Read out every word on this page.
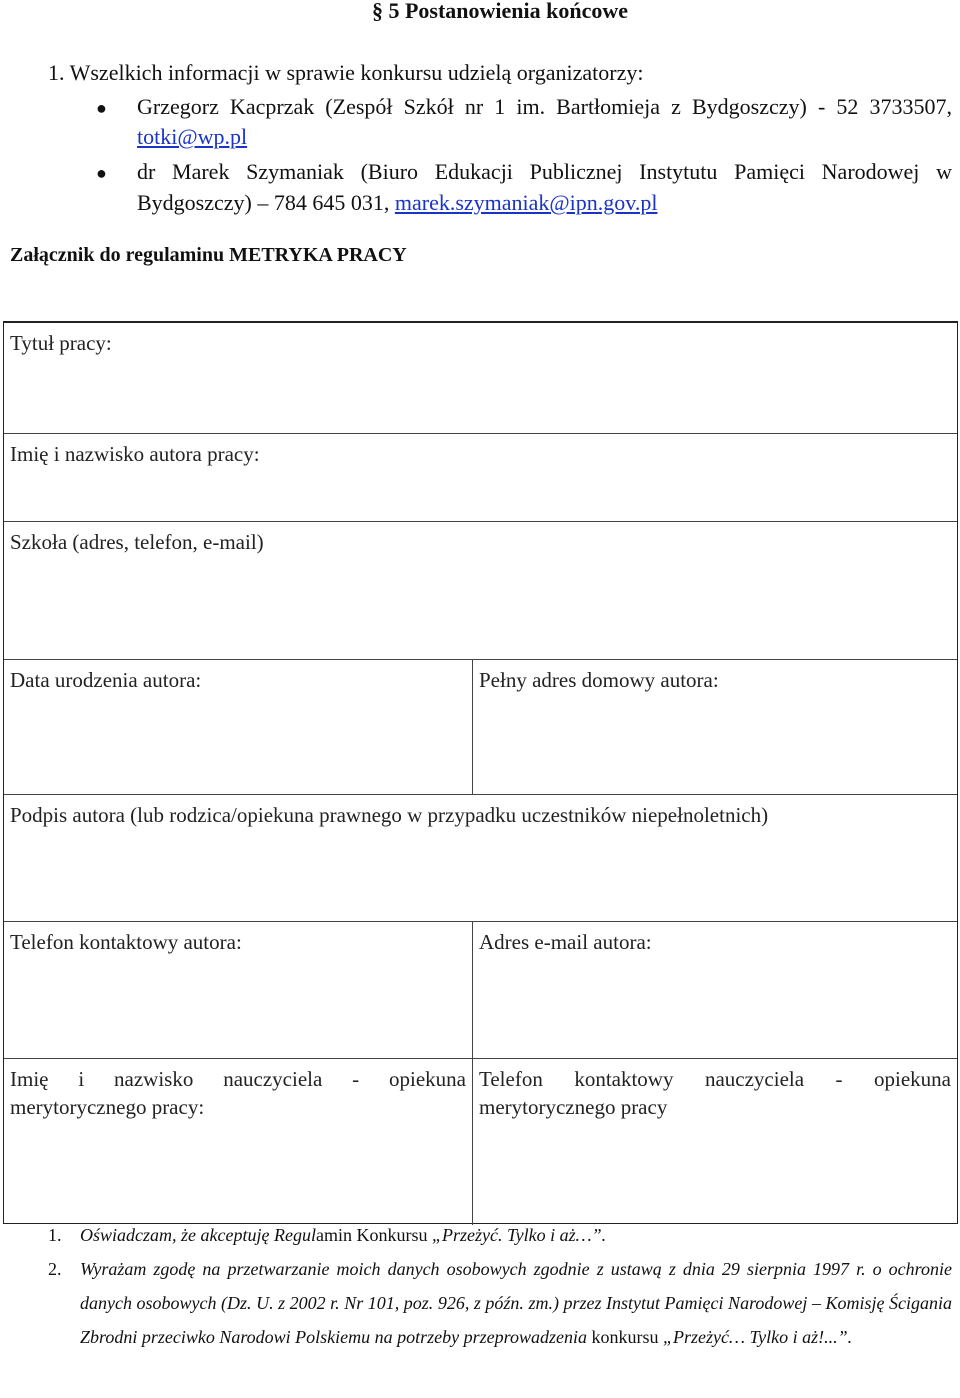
§ 5 Postanowienia końcowe
1. Wszelkich informacji w sprawie konkursu udzielą organizatorzy:
● Grzegorz Kacprzak (Zespół Szkół nr 1 im. Bartłomieja z Bydgoszczy) - 52 3733507,
totki@wp.pl
● dr Marek Szymaniak (Biuro Edukacji Publicznej Instytutu Pamięci Narodowej w
Bydgoszczy) – 784 645 031, marek.szymaniak@ipn.gov.pl
Załącznik do regulaminu METRYKA PRACY
Tytuł pracy:
Imię i nazwisko autora pracy:
Szkoła (adres, telefon, e-mail)
Data urodzenia autora:	Pełny adres domowy autora:
Podpis autora (lub rodzica/opiekuna prawnego w przypadku uczestników niepełnoletnich)
Telefon kontaktowy autora:	Adres e-mail autora:
Imię i nazwisko nauczyciela - opiekuna merytorycznego pracy:
Telefon kontaktowy nauczyciela - opiekuna merytorycznego pracy
1. Oświadczam, że akceptuję Regulamin Konkursu „Przeżyć. Tylko i aż…”.
2. Wyrażam zgodę na przetwarzanie moich danych osobowych zgodnie z ustawą z dnia 29 sierpnia 1997 r. o ochronie danych osobowych (Dz. U. z 2002 r. Nr 101, poz. 926, z późn. zm.) przez Instytut Pamięci Narodowej – Komisję Ścigania Zbrodni przeciwko Narodowi Polskiemu na potrzeby przeprowadzenia konkursu „Przeżyć… Tylko i aż!...”.
